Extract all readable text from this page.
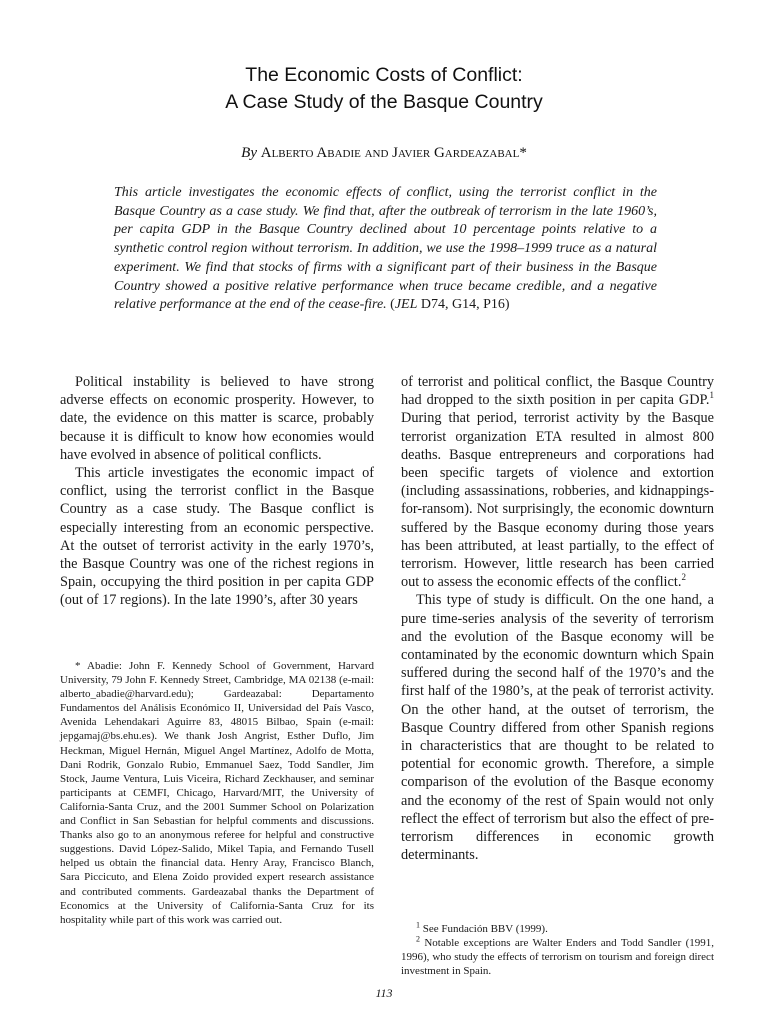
The Economic Costs of Conflict:
A Case Study of the Basque Country
By Alberto Abadie and Javier Gardeazabal*
This article investigates the economic effects of conflict, using the terrorist conflict in the Basque Country as a case study. We find that, after the outbreak of terrorism in the late 1960’s, per capita GDP in the Basque Country declined about 10 percentage points relative to a synthetic control region without terrorism. In addition, we use the 1998–1999 truce as a natural experiment. We find that stocks of firms with a significant part of their business in the Basque Country showed a positive relative performance when truce became credible, and a negative relative performance at the end of the cease-fire. (JEL D74, G14, P16)

Political instability is believed to have strong adverse effects on economic prosperity. However, to date, the evidence on this matter is scarce, probably because it is difficult to know how economies would have evolved in absence of political conflicts.

This article investigates the economic impact of conflict, using the terrorist conflict in the Basque Country as a case study. The Basque conflict is especially interesting from an economic perspective. At the outset of terrorist activity in the early 1970’s, the Basque Country was one of the richest regions in Spain, occupying the third position in per capita GDP (out of 17 regions). In the late 1990’s, after 30 years

of terrorist and political conflict, the Basque Country had dropped to the sixth position in per capita GDP.$^1$ During that period, terrorist activity by the Basque terrorist organization ETA resulted in almost 800 deaths. Basque entrepreneurs and corporations had been specific targets of violence and extortion (including assassinations, robberies, and kidnappings-for-ransom). Not surprisingly, the economic downturn suffered by the Basque economy during those years has been attributed, at least partially, to the effect of terrorism. However, little research has been carried out to assess the economic effects of the conflict.$^2$

This type of study is difficult. On the one hand, a pure time-series analysis of the severity of terrorism and the evolution of the Basque economy will be contaminated by the economic downturn which Spain suffered during the second half of the 1970’s and the first half of the 1980’s, at the peak of terrorist activity. On the other hand, at the outset of terrorism, the Basque Country differed from other Spanish regions in characteristics that are thought to be related to potential for economic growth. Therefore, a simple comparison of the evolution of the Basque economy and the economy of the rest of Spain would not only reflect the effect of terrorism but also the effect of pre-terrorism differences in economic growth determinants.

* Abadie: John F. Kennedy School of Government, Harvard University, 79 John F. Kennedy Street, Cambridge, MA 02138 (e-mail: alberto_abadie@harvard.edu); Gardeazabal: Departamento Fundamentos del Análisis Económico II, Universidad del País Vasco, Avenida Lehendakari Aguirre 83, 48015 Bilbao, Spain (e-mail: jepgamaj@bs.ehu.es). We thank Josh Angrist, Esther Duflo, Jim Heckman, Miguel Hernán, Miguel Angel Martínez, Adolfo de Motta, Dani Rodrik, Gonzalo Rubio, Emmanuel Saez, Todd Sandler, Jim Stock, Jaume Ventura, Luis Viceira, Richard Zeckhauser, and seminar participants at CEMFI, Chicago, Harvard/MIT, the University of California-Santa Cruz, and the 2001 Summer School on Polarization and Conflict in San Sebastian for helpful comments and discussions. Thanks also go to an anonymous referee for helpful and constructive suggestions. David López-Salido, Mikel Tapia, and Fernando Tusell helped us obtain the financial data. Henry Aray, Francisco Blanch, Sara Piccicuto, and Elena Zoido provided expert research assistance and contributed comments. Gardeazabal thanks the Department of Economics at the University of California-Santa Cruz for its hospitality while part of this work was carried out.	$^1$ See Fundación BBV (1999).

$^2$ Notable exceptions are Walter Enders and Todd Sandler (1991, 1996), who study the effects of terrorism on tourism and foreign direct investment in Spain.

113
